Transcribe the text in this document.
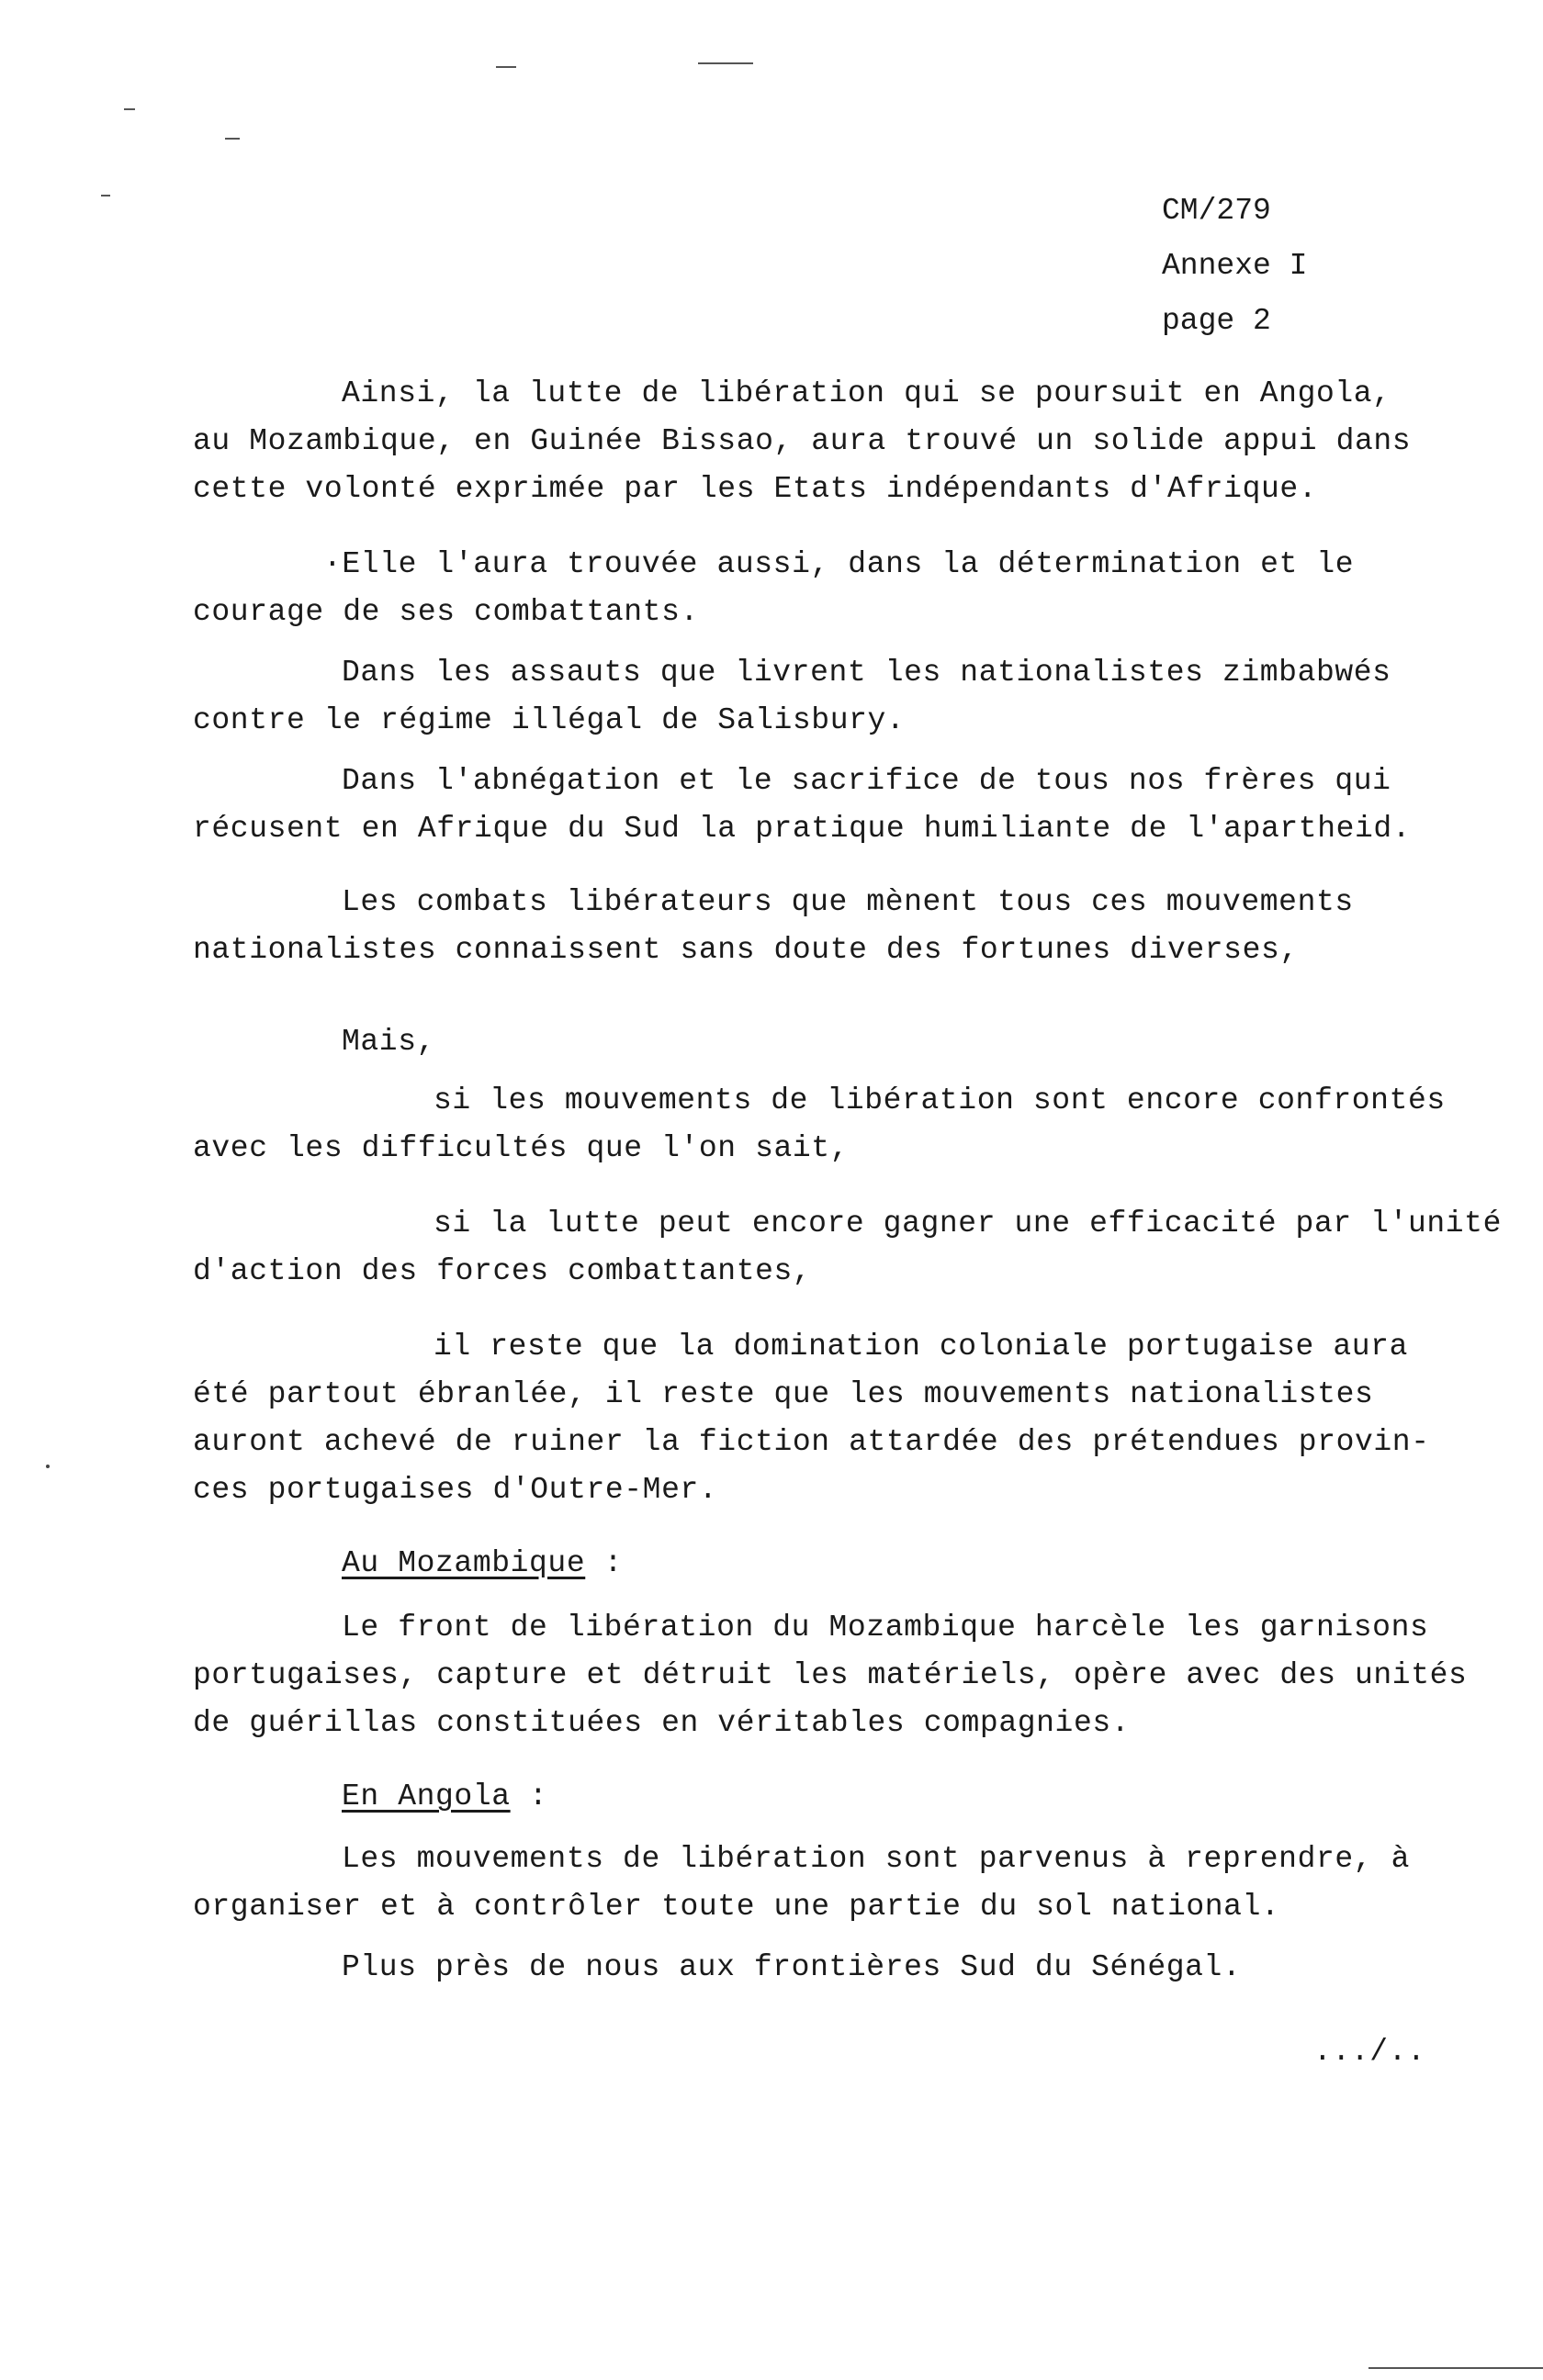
CM/279
Annexe I
page 2
Ainsi, la lutte de libération qui se poursuit en Angola,
au Mozambique, en Guinée Bissao, aura trouvé un solide appui dans
cette volonté exprimée par les Etats indépendants d'Afrique.
·Elle l'aura trouvée aussi, dans la détermination et le
courage de ses combattants.
Dans les assauts que livrent les nationalistes zimbabwés
contre le régime illégal de Salisbury.
Dans l'abnégation et le sacrifice de tous nos frères qui
récusent en Afrique du Sud la pratique humiliante de l'apartheid.
Les combats libérateurs que mènent tous ces mouvements
nationalistes connaissent sans doute des fortunes diverses,
Mais,
si les mouvements de libération sont encore confrontés
avec les difficultés que l'on sait,
si la lutte peut encore gagner une efficacité par l'unité
d'action des forces combattantes,
il reste que la domination coloniale portugaise aura
été partout ébranlée, il reste que les mouvements nationalistes
auront achevé de ruiner la fiction attardée des prétendues provin-
ces portugaises d'Outre-Mer.
Au Mozambique :
Le front de libération du Mozambique harcèle les garnisons
portugaises, capture et détruit les matériels, opère avec des unités
de guérillas constituées en véritables compagnies.
En Angola :
Les mouvements de libération sont parvenus à reprendre, à
organiser et à contrôler toute une partie du sol national.
Plus près de nous aux frontières Sud du Sénégal.
.../..
